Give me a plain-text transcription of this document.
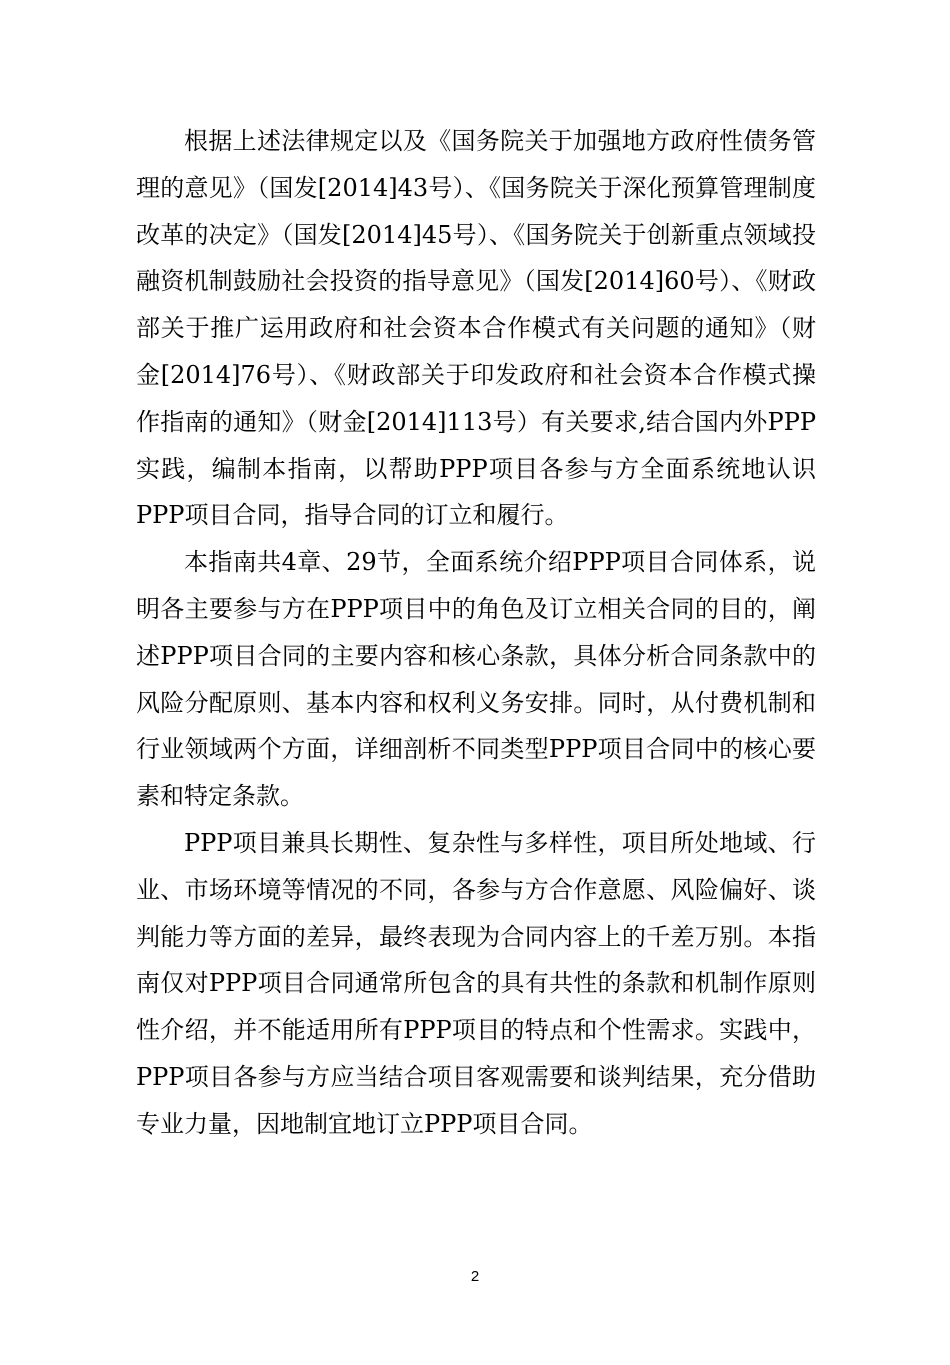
根据上述法律规定以及《国务院关于加强地方政府性债务管理的意见》（国发[2014]43号）、《国务院关于深化预算管理制度改革的决定》（国发[2014]45号）、《国务院关于创新重点领域投融资机制鼓励社会投资的指导意见》（国发[2014]60号）、《财政部关于推广运用政府和社会资本合作模式有关问题的通知》（财金[2014]76号）、《财政部关于印发政府和社会资本合作模式操作指南的通知》（财金[2014]113号）有关要求,结合国内外PPP实践，编制本指南，以帮助PPP项目各参与方全面系统地认识PPP项目合同，指导合同的订立和履行。

本指南共4章、29节，全面系统介绍PPP项目合同体系，说明各主要参与方在PPP项目中的角色及订立相关合同的目的，阐述PPP项目合同的主要内容和核心条款，具体分析合同条款中的风险分配原则、基本内容和权利义务安排。同时，从付费机制和行业领域两个方面，详细剖析不同类型PPP项目合同中的核心要素和特定条款。

PPP项目兼具长期性、复杂性与多样性，项目所处地域、行业、市场环境等情况的不同，各参与方合作意愿、风险偏好、谈判能力等方面的差异，最终表现为合同内容上的千差万别。本指南仅对PPP项目合同通常所包含的具有共性的条款和机制作原则性介绍，并不能适用所有PPP项目的特点和个性需求。实践中，PPP项目各参与方应当结合项目客观需要和谈判结果，充分借助专业力量，因地制宜地订立PPP项目合同。

2
